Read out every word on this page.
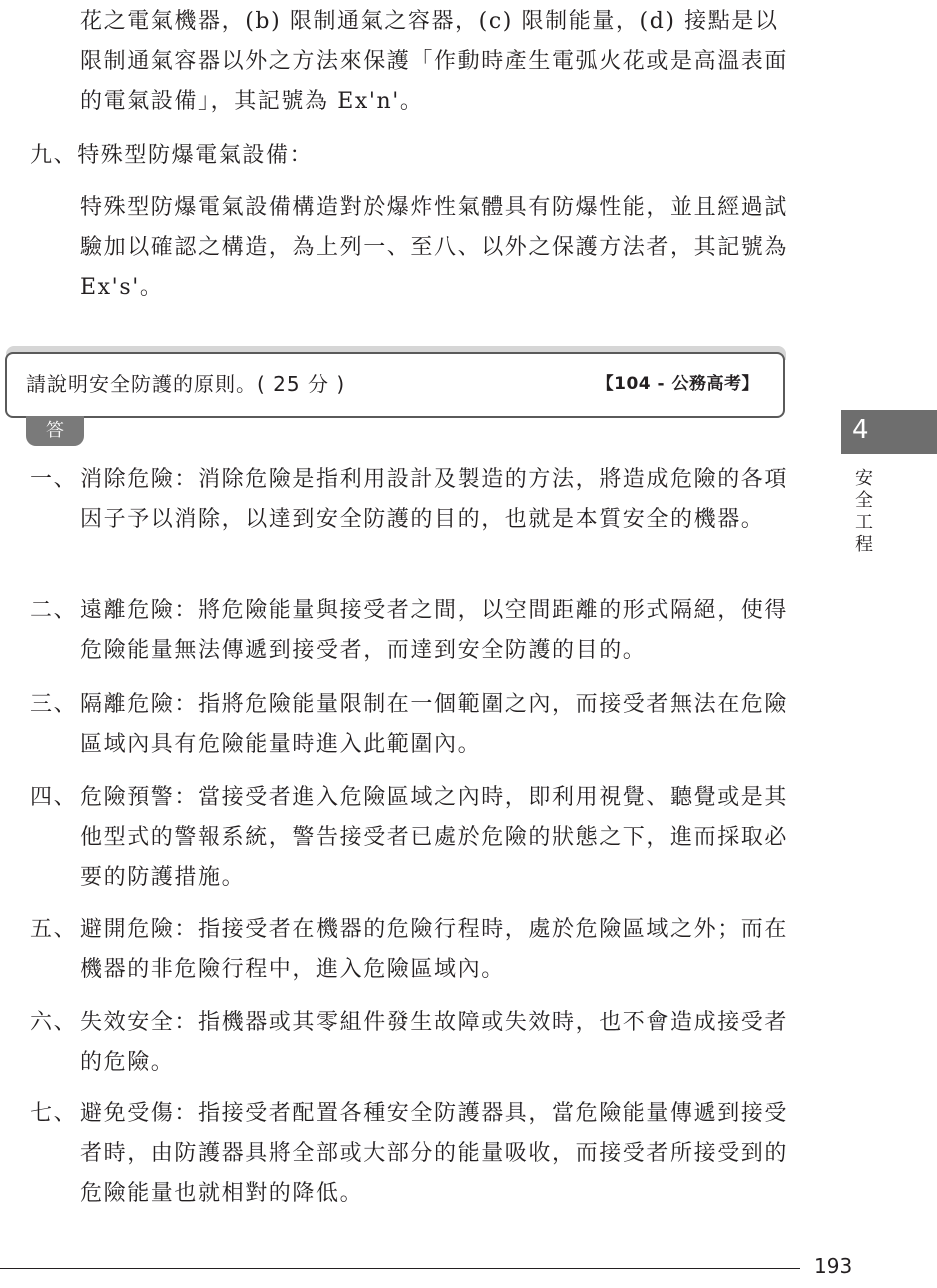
花之電氣機器，(b) 限制通氣之容器，(c) 限制能量，(d) 接點是以限制通氣容器以外之方法來保護「作動時產生電弧火花或是高溫表面的電氣設備」，其記號為 Ex'n'。

九、特殊型防爆電氣設備：

特殊型防爆電氣設備構造對於爆炸性氣體具有防爆性能，並且經過試驗加以確認之構造，為上列一、至八、以外之保護方法者，其記號為 Ex's'。

請說明安全防護的原則。( 25 分 )	【104 - 公務高考】
答
一、 消除危險：消除危險是指利用設計及製造的方法，將造成危險的各項因子予以消除，以達到安全防護的目的，也就是本質安全的機器。
二、 遠離危險：將危險能量與接受者之間，以空間距離的形式隔絕，使得危險能量無法傳遞到接受者，而達到安全防護的目的。
三、 隔離危險：指將危險能量限制在一個範圍之內，而接受者無法在危險區域內具有危險能量時進入此範圍內。
四、 危險預警：當接受者進入危險區域之內時，即利用視覺、聽覺或是其他型式的警報系統，警告接受者已處於危險的狀態之下，進而採取必要的防護措施。
五、 避開危險：指接受者在機器的危險行程時，處於危險區域之外；而在機器的非危險行程中，進入危險區域內。
六、 失效安全：指機器或其零組件發生故障或失效時，也不會造成接受者的危險。
七、 避免受傷：指接受者配置各種安全防護器具，當危險能量傳遞到接受者時，由防護器具將全部或大部分的能量吸收，而接受者所接受到的危險能量也就相對的降低。
4
安全工程
193
